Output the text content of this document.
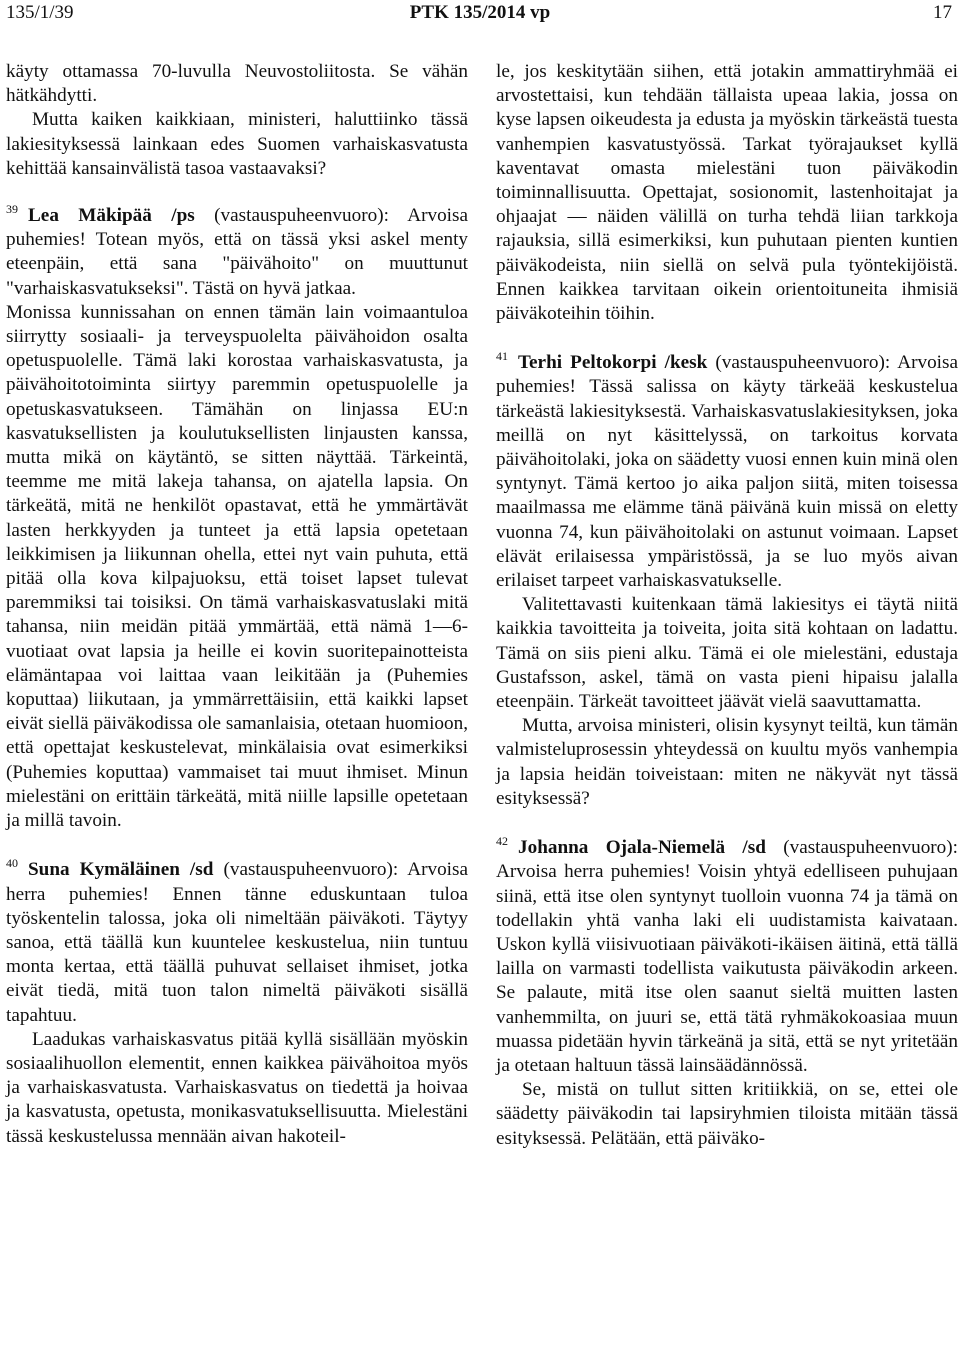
135/1/39	PTK 135/2014 vp	17

käyty ottamassa 70-luvulla Neuvostoliitosta. Se vähän hätkähdytti.

Mutta kaiken kaikkiaan, ministeri, haluttiinko tässä lakiesityksessä lainkaan edes Suomen varhaiskasvatusta kehittää kansainvälistä tasoa vastaavaksi?

$^{39}$ Lea Mäkipää /ps (vastauspuheenvuoro): Arvoisa puhemies! Totean myös, että on tässä yksi askel menty eteenpäin, että sana "päivähoito" on muuttunut "varhaiskasvatukseksi". Tästä on hyvä jatkaa.

Monissa kunnissahan on ennen tämän lain voimaantuloa siirrytty sosiaali- ja terveyspuolelta päivähoidon osalta opetuspuolelle. Tämä laki korostaa varhaiskasvatusta, ja päivähoitotoiminta siirtyy paremmin opetuspuolelle ja opetuskasvatukseen. Tämähän on linjassa EU:n kasvatuksellisten ja koulutuksellisten linjausten kanssa, mutta mikä on käytäntö, se sitten näyttää. Tärkeintä, teemme me mitä lakeja tahansa, on ajatella lapsia. On tärkeätä, mitä ne henkilöt opastavat, että he ymmärtävät lasten herkkyyden ja tunteet ja että lapsia opetetaan leikkimisen ja liikunnan ohella, ettei nyt vain puhuta, että pitää olla kova kilpajuoksu, että toiset lapset tulevat paremmiksi tai toisiksi. On tämä varhaiskasvatuslaki mitä tahansa, niin meidän pitää ymmärtää, että nämä 1—6-vuotiaat ovat lapsia ja heille ei kovin suoritepainotteista elämäntapaa voi laittaa vaan leikitään ja (Puhemies koputtaa) liikutaan, ja ymmärrettäisiin, että kaikki lapset eivät siellä päiväkodissa ole samanlaisia, otetaan huomioon, että opettajat keskustelevat, minkälaisia ovat esimerkiksi (Puhemies koputtaa) vammaiset tai muut ihmiset. Minun mielestäni on erittäin tärkeätä, mitä niille lapsille opetetaan ja millä tavoin.

$^{40}$ Suna Kymäläinen /sd (vastauspuheenvuoro): Arvoisa herra puhemies! Ennen tänne eduskuntaan tuloa työskentelin talossa, joka oli nimeltään päiväkoti. Täytyy sanoa, että täällä kun kuuntelee keskustelua, niin tuntuu monta kertaa, että täällä puhuvat sellaiset ihmiset, jotka eivät tiedä, mitä tuon talon nimeltä päiväkoti sisällä tapahtuu.

Laadukas varhaiskasvatus pitää kyllä sisällään myöskin sosiaalihuollon elementit, ennen kaikkea päivähoitoa myös ja varhaiskasvatusta. Varhaiskasvatus on tiedettä ja hoivaa ja kasvatusta, opetusta, monikasvatuksellisuutta. Mielestäni tässä keskustelussa mennään aivan hakoteil-

le, jos keskitytään siihen, että jotakin ammattiryhmää ei arvostettaisi, kun tehdään tällaista upeaa lakia, jossa on kyse lapsen oikeudesta ja edusta ja myöskin tärkeästä tuesta vanhempien kasvatustyössä. Tarkat työrajaukset kyllä kaventavat omasta mielestäni tuon päiväkodin toiminnallisuutta. Opettajat, sosionomit, lastenhoitajat ja ohjaajat — näiden välillä on turha tehdä liian tarkkoja rajauksia, sillä esimerkiksi, kun puhutaan pienten kuntien päiväkodeista, niin siellä on selvä pula työntekijöistä. Ennen kaikkea tarvitaan oikein orientoituneita ihmisiä päiväkoteihin töihin.

$^{41}$ Terhi Peltokorpi /kesk (vastauspuheenvuoro): Arvoisa puhemies! Tässä salissa on käyty tärkeää keskustelua tärkeästä lakiesityksestä. Varhaiskasvatuslakiesityksen, joka meillä on nyt käsittelyssä, on tarkoitus korvata päivähoitolaki, joka on säädetty vuosi ennen kuin minä olen syntynyt. Tämä kertoo jo aika paljon siitä, miten toisessa maailmassa me elämme tänä päivänä kuin missä on eletty vuonna 74, kun päivähoitolaki on astunut voimaan. Lapset elävät erilaisessa ympäristössä, ja se luo myös aivan erilaiset tarpeet varhaiskasvatukselle.

Valitettavasti kuitenkaan tämä lakiesitys ei täytä niitä kaikkia tavoitteita ja toiveita, joita sitä kohtaan on ladattu. Tämä on siis pieni alku. Tämä ei ole mielestäni, edustaja Gustafsson, askel, tämä on vasta pieni hipaisu jalalla eteenpäin. Tärkeät tavoitteet jäävät vielä saavuttamatta.

Mutta, arvoisa ministeri, olisin kysynyt teiltä, kun tämän valmisteluprosessin yhteydessä on kuultu myös vanhempia ja lapsia heidän toiveistaan: miten ne näkyvät nyt tässä esityksessä?

$^{42}$ Johanna Ojala-Niemelä /sd (vastauspuheenvuoro): Arvoisa herra puhemies! Voisin yhtyä edelliseen puhujaan siinä, että itse olen syntynyt tuolloin vuonna 74 ja tämä on todellakin yhtä vanha laki eli uudistamista kaivataan. Uskon kyllä viisivuotiaan päiväkoti-ikäisen äitinä, että tällä lailla on varmasti todellista vaikutusta päiväkodin arkeen. Se palaute, mitä itse olen saanut sieltä muitten lasten vanhemmilta, on juuri se, että tätä ryhmäkokoasiaa muun muassa pidetään hyvin tärkeänä ja sitä, että se nyt yritetään ja otetaan haltuun tässä lainsäädännössä.

Se, mistä on tullut sitten kritiikkiä, on se, ettei ole säädetty päiväkodin tai lapsiryhmien tiloista mitään tässä esityksessä. Pelätään, että päiväko-
